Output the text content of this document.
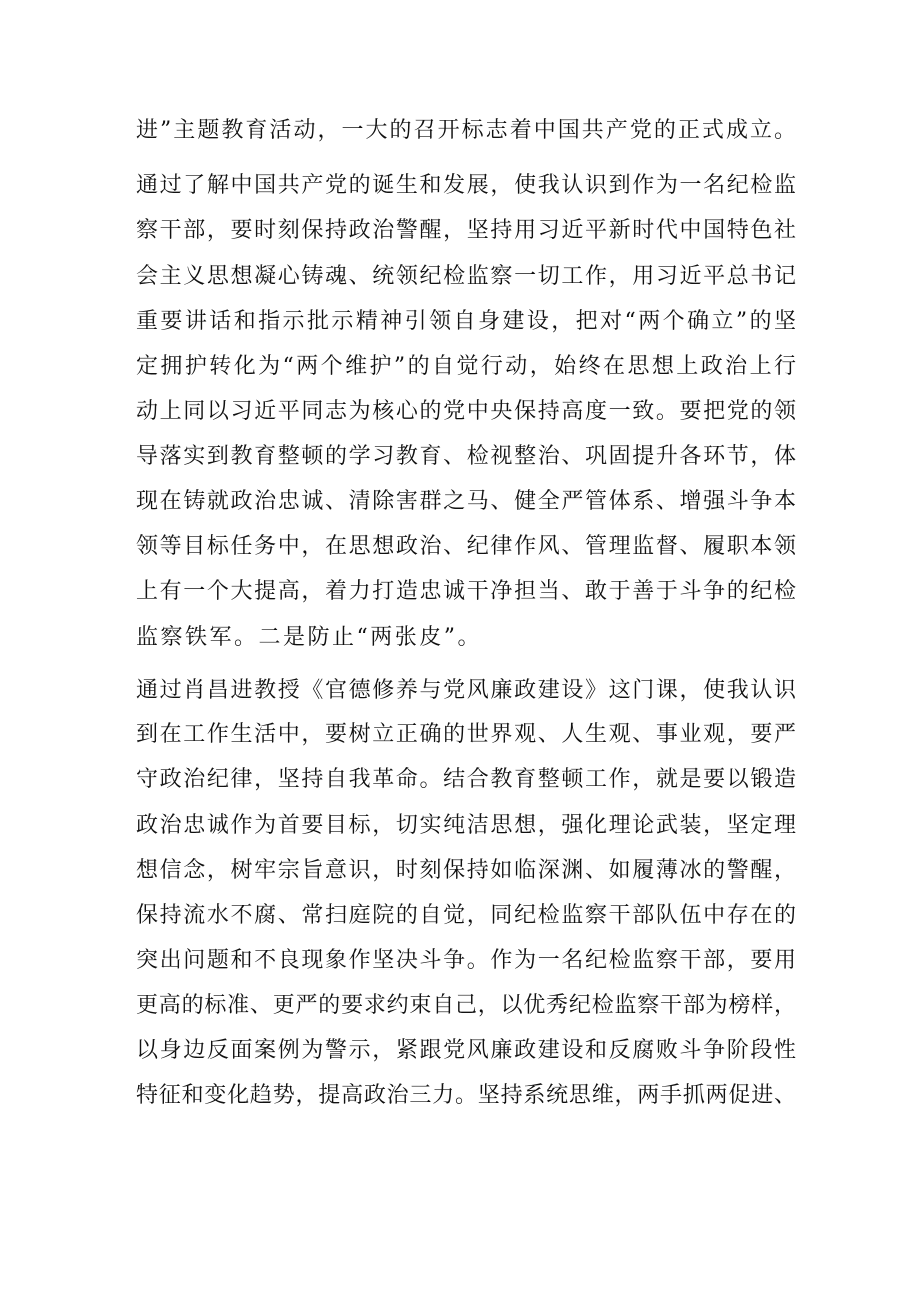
进”主题教育活动，一大的召开标志着中国共产党的正式成立。
通过了解中国共产党的诞生和发展，使我认识到作为一名纪检监
察干部，要时刻保持政治警醒，坚持用习近平新时代中国特色社
会主义思想凝心铸魂、统领纪检监察一切工作，用习近平总书记
重要讲话和指示批示精神引领自身建设，把对“两个确立”的坚
定拥护转化为“两个维护”的自觉行动，始终在思想上政治上行
动上同以习近平同志为核心的党中央保持高度一致。要把党的领
导落实到教育整顿的学习教育、检视整治、巩固提升各环节，体
现在铸就政治忠诚、清除害群之马、健全严管体系、增强斗争本
领等目标任务中，在思想政治、纪律作风、管理监督、履职本领
上有一个大提高，着力打造忠诚干净担当、敢于善于斗争的纪检
监察铁军。二是防止“两张皮”。
通过肖昌进教授《官德修养与党风廉政建设》这门课，使我认识
到在工作生活中，要树立正确的世界观、人生观、事业观，要严
守政治纪律，坚持自我革命。结合教育整顿工作，就是要以锻造
政治忠诚作为首要目标，切实纯洁思想，强化理论武装，坚定理
想信念，树牢宗旨意识，时刻保持如临深渊、如履薄冰的警醒，
保持流水不腐、常扫庭院的自觉，同纪检监察干部队伍中存在的
突出问题和不良现象作坚决斗争。作为一名纪检监察干部，要用
更高的标准、更严的要求约束自己，以优秀纪检监察干部为榜样，
以身边反面案例为警示，紧跟党风廉政建设和反腐败斗争阶段性
特征和变化趋势，提高政治三力。坚持系统思维，两手抓两促进、
